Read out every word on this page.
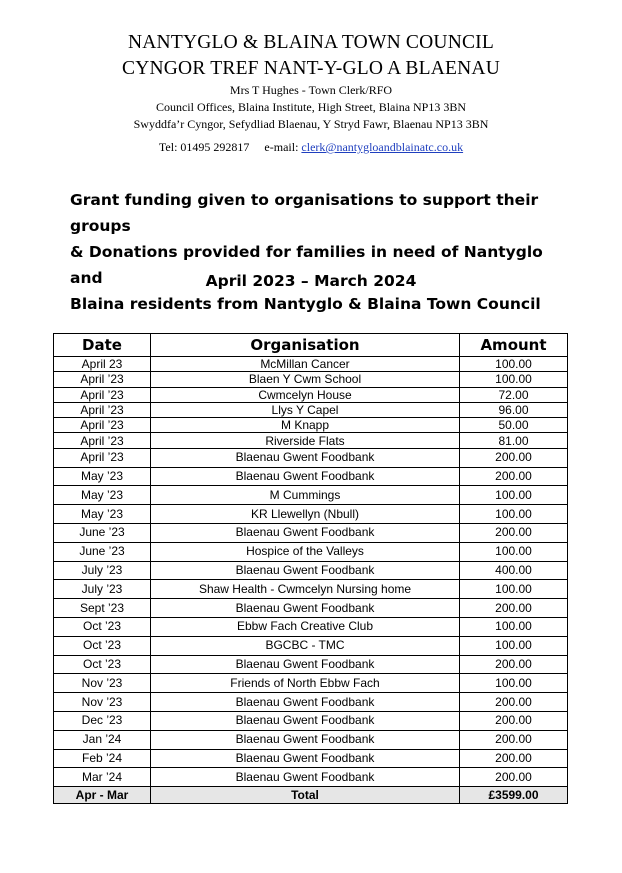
NANTYGLO & BLAINA TOWN COUNCIL
CYNGOR TREF NANT-Y-GLO A BLAENAU
Mrs T Hughes - Town Clerk/RFO
Council Offices, Blaina Institute, High Street, Blaina NP13 3BN
Swyddfa’r Cyngor, Sefydliad Blaenau, Y Stryd Fawr, Blaenau NP13 3BN
Tel: 01495 292817 e-mail: clerk@nantygloandblainatc.co.uk
Grant funding given to organisations to support their groups
& Donations provided for families in need of Nantyglo and
Blaina residents from Nantyglo & Blaina Town Council
April 2023 – March 2024
Date	Organisation	Amount
April 23	McMillan Cancer	100.00
April ’23	Blaen Y Cwm School	100.00
April ’23	Cwmcelyn House	72.00
April ’23	Llys Y Capel	96.00
April ’23	M Knapp	50.00
April ’23	Riverside Flats	81.00
April ’23	Blaenau Gwent Foodbank	200.00
May ’23	Blaenau Gwent Foodbank	200.00
May ’23	M Cummings	100.00
May ’23	KR Llewellyn (Nbull)	100.00
June ’23	Blaenau Gwent Foodbank	200.00
June ’23	Hospice of the Valleys	100.00
July ’23	Blaenau Gwent Foodbank	400.00
July ’23	Shaw Health - Cwmcelyn Nursing home	100.00
Sept ’23	Blaenau Gwent Foodbank	200.00
Oct ’23	Ebbw Fach Creative Club	100.00
Oct ’23	BGCBC - TMC	100.00
Oct ’23	Blaenau Gwent Foodbank	200.00
Nov ’23	Friends of North Ebbw Fach	100.00
Nov ’23	Blaenau Gwent Foodbank	200.00
Dec ’23	Blaenau Gwent Foodbank	200.00
Jan ’24	Blaenau Gwent Foodbank	200.00
Feb ’24	Blaenau Gwent Foodbank	200.00
Mar ’24	Blaenau Gwent Foodbank	200.00
Apr - Mar	Total	£3599.00
